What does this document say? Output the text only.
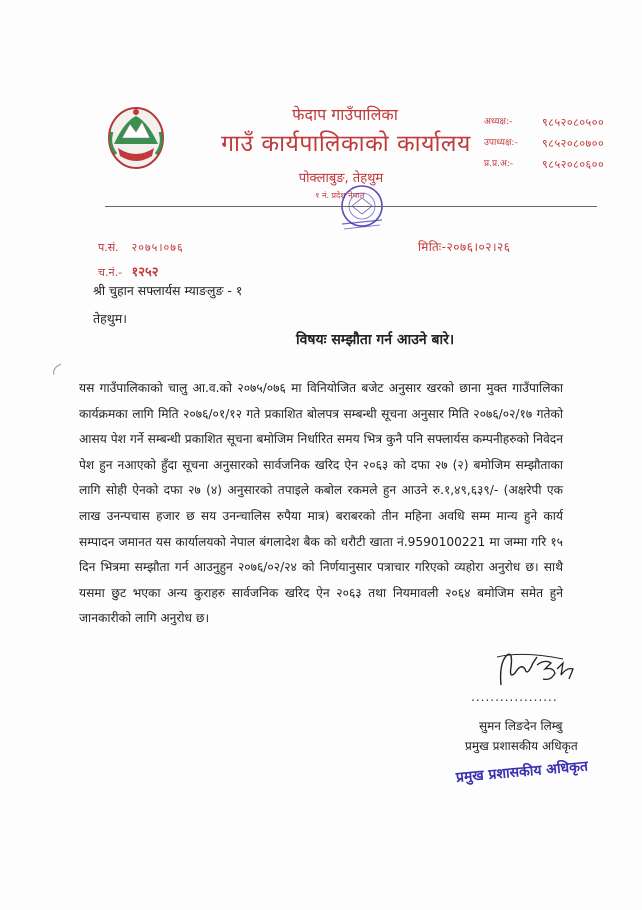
फेदाप गाउँपालिका
गाउँ कार्यपालिकाको कार्यालय
पोक्लाबुङ, तेहथुम
१ नं. प्रदेश नेपाल
अध्यक्ष:-	९८५२०८०५००
उपाध्यक्ष:-	९८५२०८०७००
प्र.प्र.अ:-	९८५२०८०६००
प.सं. २०७५।०७६
च.नं.- १२५२
मितिः-२०७६।०२।२६
श्री चुहान सफ्लार्यस म्याङलुङ - १
तेहथुम।
विषयः सम्झौता गर्न आउने बारे।
यस गाउँपालिकाको चालु आ.व.को २०७५/०७६ मा विनियोजित बजेट अनुसार खरको छाना मुक्त गाउँपालिका कार्यक्रमका लागि मिति २०७६/०१/१२ गते प्रकाशित बोलपत्र सम्बन्धी सूचना अनुसार मिति २०७६/०२/१७ गतेको आसय पेश गर्ने सम्बन्धी प्रकाशित सूचना बमोजिम निर्धारित समय भित्र कुनै पनि सफ्लार्यस कम्पनीहरुको निवेदन पेश हुन नआएको हुँदा सूचना अनुसारको सार्वजनिक खरिद ऐन २०६३ को दफा २७ (२) बमोजिम सम्झौताका लागि सोही ऐनको दफा २७ (४) अनुसारको तपाइले कबोल रकमले हुन आउने रु.१,४९,६३९/- (अक्षरेपी एक लाख उनन्पचास हजार छ सय उनन्चालिस रुपैया मात्र) बराबरको तीन महिना अवधि सम्म मान्य हुने कार्य सम्पादन जमानत यस कार्यालयको नेपाल बंगलादेश बैक को धरौटी खाता नं.9590100221 मा जम्मा गरि १५ दिन भित्रमा सम्झौता गर्न आउनुहुन २०७६/०२/२४ को निर्णयानुसार पत्राचार गरिएको व्यहोरा अनुरोध छ। साथै यसमा छुट भएका अन्य कुराहरु सार्वजनिक खरिद ऐन २०६३ तथा नियमावली २०६४ बमोजिम समेत हुने जानकारीको लागि अनुरोध छ।
..................
सुमन लिङदेन लिम्बु
प्रमुख प्रशासकीय अधिकृत
प्रमुख प्रशासकीय अधिकृत
